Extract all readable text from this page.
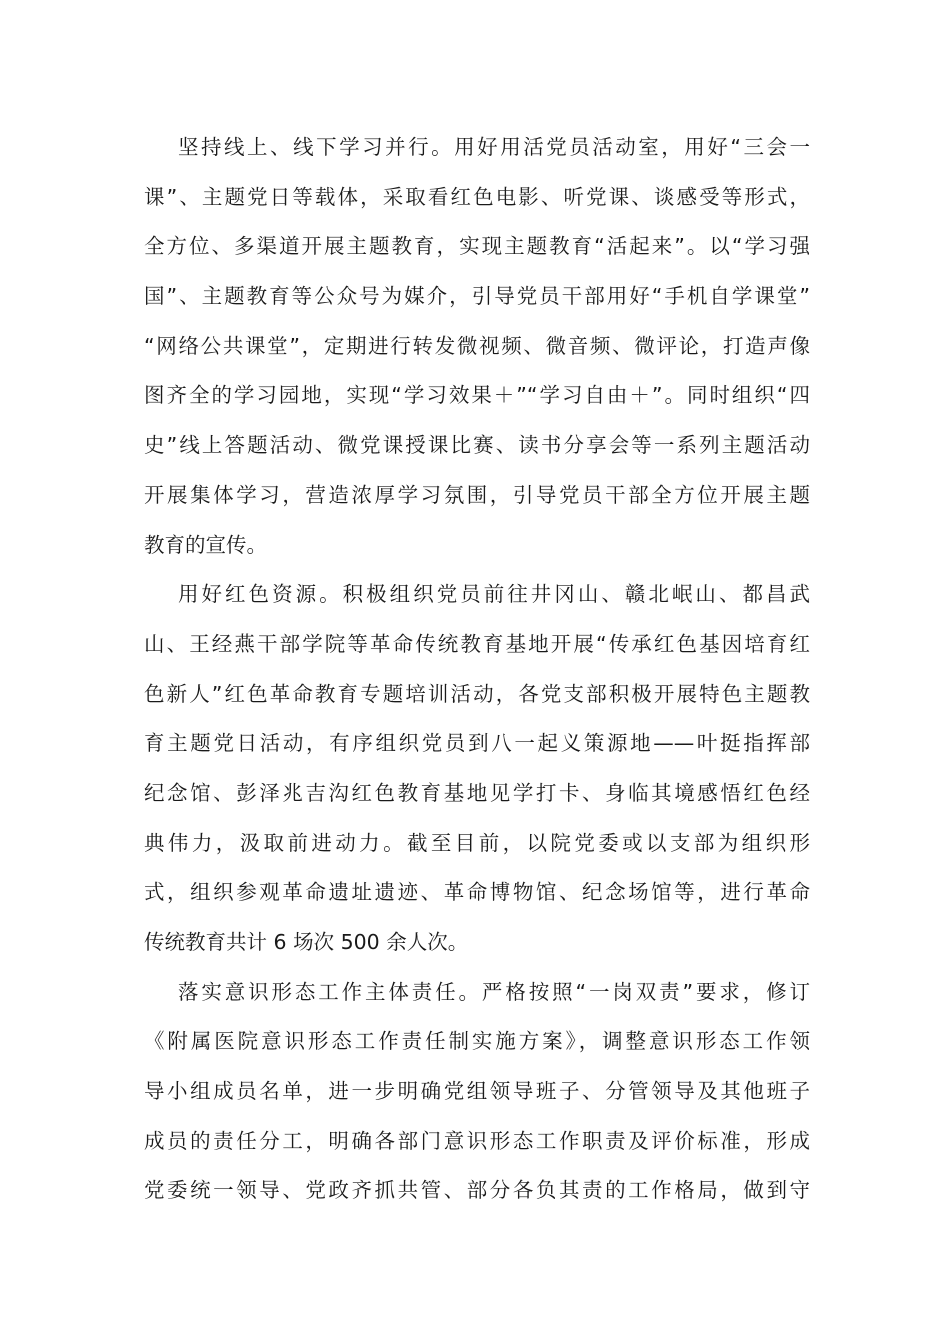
坚持线上、线下学习并行。用好用活党员活动室，用好“三会一
课”、主题党日等载体，采取看红色电影、听党课、谈感受等形式，
全方位、多渠道开展主题教育，实现主题教育“活起来”。以“学习强
国”、主题教育等公众号为媒介，引导党员干部用好“手机自学课堂”
“网络公共课堂”，定期进行转发微视频、微音频、微评论，打造声像
图齐全的学习园地，实现“学习效果＋”“学习自由＋”。同时组织“四
史”线上答题活动、微党课授课比赛、读书分享会等一系列主题活动
开展集体学习，营造浓厚学习氛围，引导党员干部全方位开展主题
教育的宣传。
用好红色资源。积极组织党员前往井冈山、赣北岷山、都昌武
山、王经燕干部学院等革命传统教育基地开展“传承红色基因培育红
色新人”红色革命教育专题培训活动，各党支部积极开展特色主题教
育主题党日活动，有序组织党员到八一起义策源地——叶挺指挥部
纪念馆、彭泽兆吉沟红色教育基地见学打卡、身临其境感悟红色经
典伟力，汲取前进动力。截至目前，以院党委或以支部为组织形
式，组织参观革命遗址遗迹、革命博物馆、纪念场馆等，进行革命
传统教育共计 6 场次 500 余人次。
落实意识形态工作主体责任。严格按照“一岗双责”要求，修订
《附属医院意识形态工作责任制实施方案》，调整意识形态工作领
导小组成员名单，进一步明确党组领导班子、分管领导及其他班子
成员的责任分工，明确各部门意识形态工作职责及评价标准，形成
党委统一领导、党政齐抓共管、部分各负其责的工作格局，做到守
